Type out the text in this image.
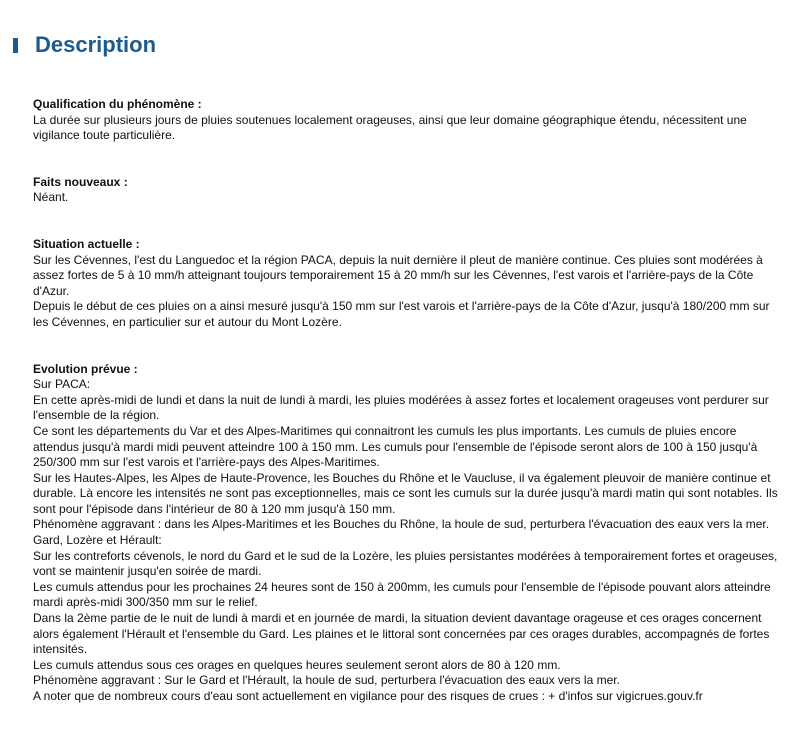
Description
Qualification du phénomène :
La durée sur plusieurs jours de pluies soutenues localement orageuses, ainsi que leur domaine géographique étendu, nécessitent une vigilance toute particulière.
Faits nouveaux :
Néant.
Situation actuelle :
Sur les Cévennes, l'est du Languedoc et la région PACA, depuis la nuit dernière il pleut de manière continue. Ces pluies sont modérées à assez fortes de 5 à 10 mm/h atteignant toujours temporairement 15 à 20 mm/h sur les Cévennes, l'est varois et l'arrière-pays de la Côte d'Azur.
Depuis le début de ces pluies on a ainsi mesuré jusqu'à 150 mm sur l'est varois et l'arrière-pays de la Côte d'Azur, jusqu'à 180/200 mm sur les Cévennes, en particulier sur et autour du Mont Lozère.
Evolution prévue :
Sur PACA:
En cette après-midi de lundi et dans la nuit de lundi à mardi, les pluies modérées à assez fortes et localement orageuses vont perdurer sur l'ensemble de la région.
Ce sont les départements du Var et des Alpes-Maritimes qui connaitront les cumuls les plus importants. Les cumuls de pluies encore attendus jusqu'à mardi midi peuvent atteindre 100 à 150 mm. Les cumuls pour l'ensemble de l'épisode seront alors de 100 à 150 jusqu'à 250/300 mm sur l'est varois et l'arrière-pays des Alpes-Maritimes.
Sur les Hautes-Alpes, les Alpes de Haute-Provence, les Bouches du Rhône et le Vaucluse, il va également pleuvoir de manière continue et durable. Là encore les intensités ne sont pas exceptionnelles, mais ce sont les cumuls sur la durée jusqu'à mardi matin qui sont notables. Ils sont pour l'épisode dans l'intérieur de 80 à 120 mm jusqu'à 150 mm.
Phénomène aggravant : dans les Alpes-Maritimes et les Bouches du Rhône, la houle de sud, perturbera l'évacuation des eaux vers la mer.
Gard, Lozère et Hérault:
Sur les contreforts cévenols, le nord du Gard et le sud de la Lozère, les pluies persistantes modérées à temporairement fortes et orageuses, vont se maintenir jusqu'en soirée de mardi.
Les cumuls attendus pour les prochaines 24 heures sont de 150 à 200mm, les cumuls pour l'ensemble de l'épisode pouvant alors atteindre mardi après-midi 300/350 mm sur le relief.
Dans la 2ème partie de le nuit de lundi à mardi et en journée de mardi, la situation devient davantage orageuse et ces orages concernent alors également l'Hérault et l'ensemble du Gard. Les plaines et le littoral sont concernées par ces orages durables, accompagnés de fortes intensités.
Les cumuls attendus sous ces orages en quelques heures seulement seront alors de 80 à 120 mm.
Phénomène aggravant : Sur le Gard et l'Hérault, la houle de sud, perturbera l'évacuation des eaux vers la mer.
A noter que de nombreux cours d'eau sont actuellement en vigilance pour des risques de crues : + d'infos sur vigicrues.gouv.fr
